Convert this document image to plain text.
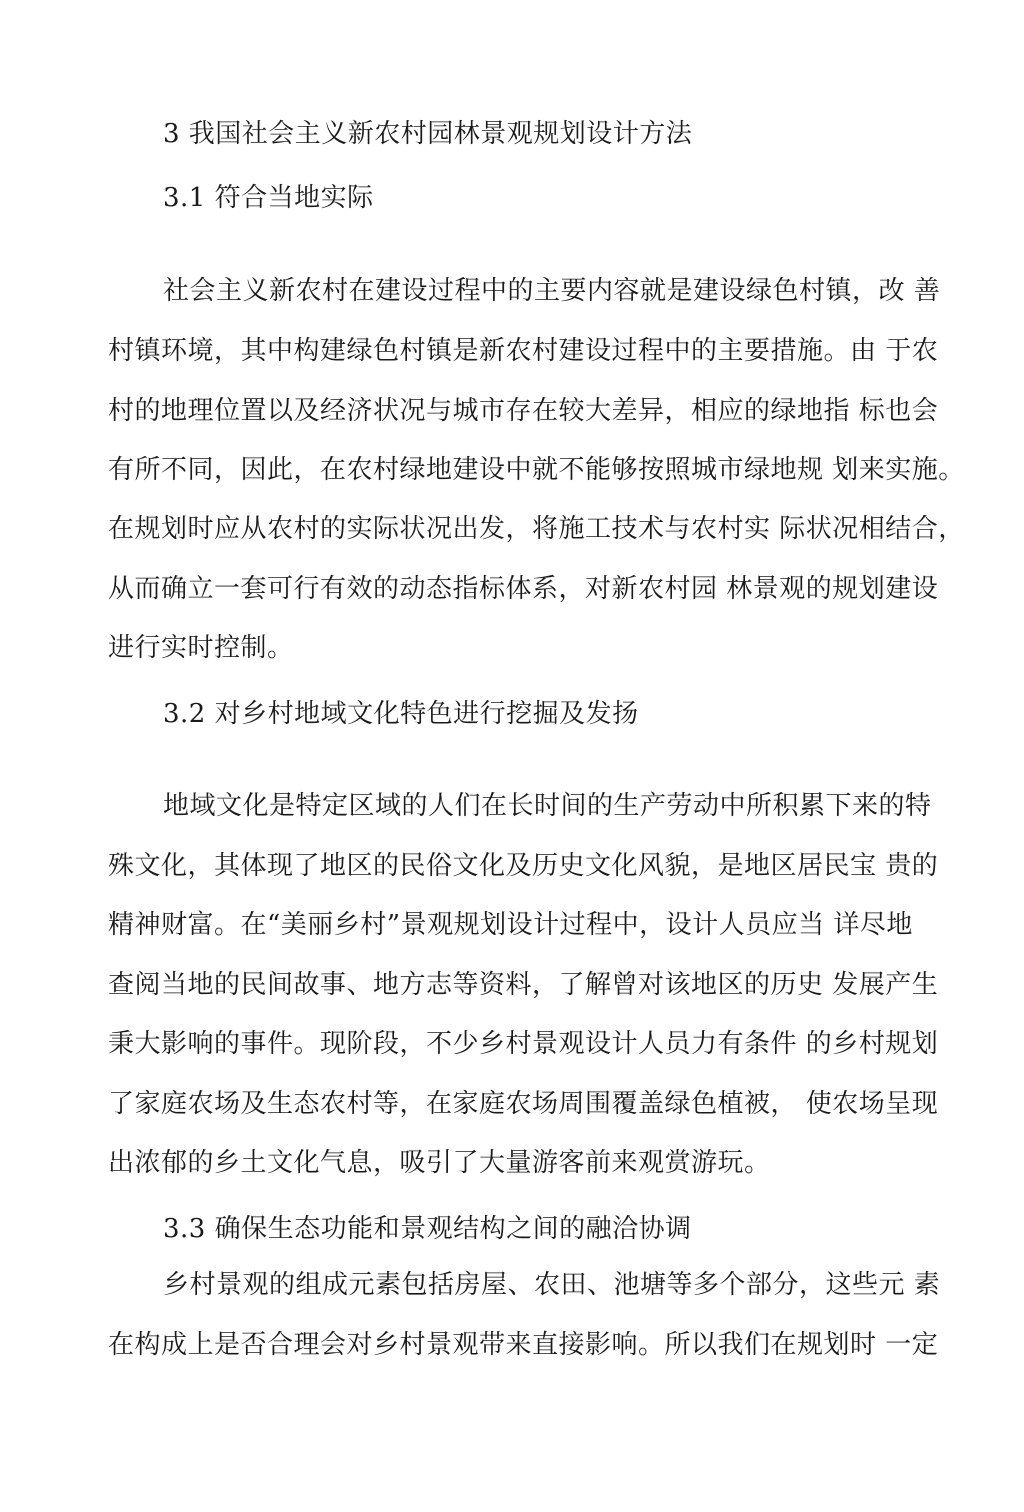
3 我国社会主义新农村园林景观规划设计方法
3.1 符合当地实际
社会主义新农村在建设过程中的主要内容就是建设绿色村镇，改 善
村镇环境，其中构建绿色村镇是新农村建设过程中的主要措施。由 于农
村的地理位置以及经济状况与城市存在较大差异，相应的绿地指 标也会
有所不同，因此，在农村绿地建设中就不能够按照城市绿地规 划来实施。
在规划时应从农村的实际状况出发，将施工技术与农村实 际状况相结合，
从而确立一套可行有效的动态指标体系，对新农村园 林景观的规划建设
进行实时控制。
3.2 对乡村地域文化特色进行挖掘及发扬
地域文化是特定区域的人们在长时间的生产劳动中所积累下来的特
殊文化，其体现了地区的民俗文化及历史文化风貌，是地区居民宝 贵的
精神财富。在“美丽乡村”景观规划设计过程中，设计人员应当 详尽地
查阅当地的民间故事、地方志等资料，了解曾对该地区的历史 发展产生
秉大影响的事件。现阶段，不少乡村景观设计人员力有条件 的乡村规划
了家庭农场及生态农村等，在家庭农场周围覆盖绿色植被， 使农场呈现
出浓郁的乡土文化气息，吸引了大量游客前来观赏游玩。
3.3 确保生态功能和景观结构之间的融洽协调
乡村景观的组成元素包括房屋、农田、池塘等多个部分，这些元 素
在构成上是否合理会对乡村景观带来直接影响。所以我们在规划时 一定
